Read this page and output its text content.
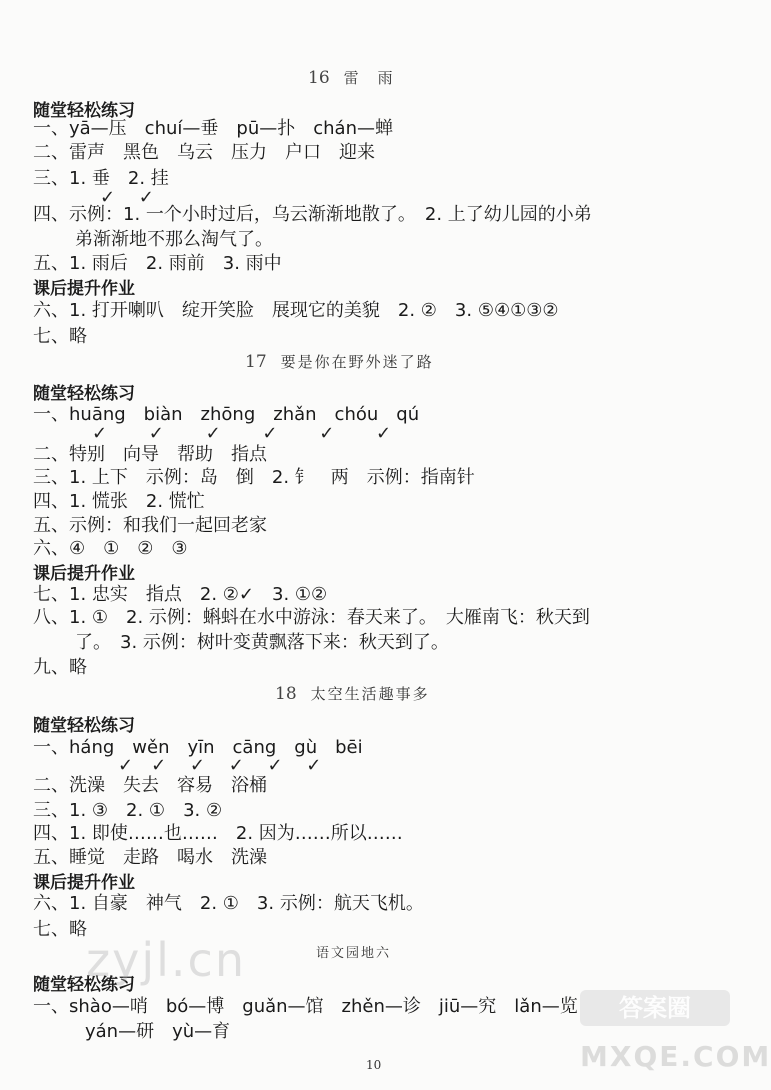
16 雷　雨
随堂轻松练习
一、yā—压　chuí—垂　pū—扑　chán—蝉
二、雷声　黑色　乌云　压力　户口　迎来
三、1. 垂　2. 挂
✓　 ✓
四、示例：1. 一个小时过后，乌云渐渐地散了。　2. 上了幼儿园的小弟
弟渐渐地不那么淘气了。
五、1. 雨后　2. 雨前　3. 雨中
课后提升作业
六、1. 打开喇叭　绽开笑脸　展现它的美貌　2. ②　3. ⑤④①③②
七、略
17 要是你在野外迷了路
随堂轻松练习
一、huāng　biàn　zhōng　zhǎn　chóu　qú
✓　　 ✓　　 ✓　　 ✓　　 ✓　　 ✓
二、特别　向导　帮助　指点
三、1. 上下　示例：岛　倒　2. 钅　两　示例：指南针
四、1. 慌张　2. 慌忙
五、示例：和我们一起回老家
六、④　①　②　③
课后提升作业
七、1. 忠实　指点　2. ②✓　3. ①②
八、1. ①　2. 示例：蝌蚪在水中游泳：春天来了。　大雁南飞：秋天到
了。　3. 示例：树叶变黄飘落下来：秋天到了。
九、略
18 太空生活趣事多
随堂轻松练习
一、háng　wěn　yīn　cāng　gù　bēi
✓　✓　 ✓　 ✓　 ✓　 ✓
二、洗澡　失去　容易　浴桶
三、1. ③　2. ①　3. ②
四、1. 即使……也……　2. 因为……所以……
五、睡觉　走路　喝水　洗澡
课后提升作业
六、1. 自豪　神气　2. ①　3. 示例：航天飞机。
七、略
语文园地六
随堂轻松练习
一、shào—哨　bó—博　guǎn—馆　zhěn—诊　jiū—究　lǎn—览
yán—研　yù—育
10
zyjl.cn
答案圈
MXQE.COM
